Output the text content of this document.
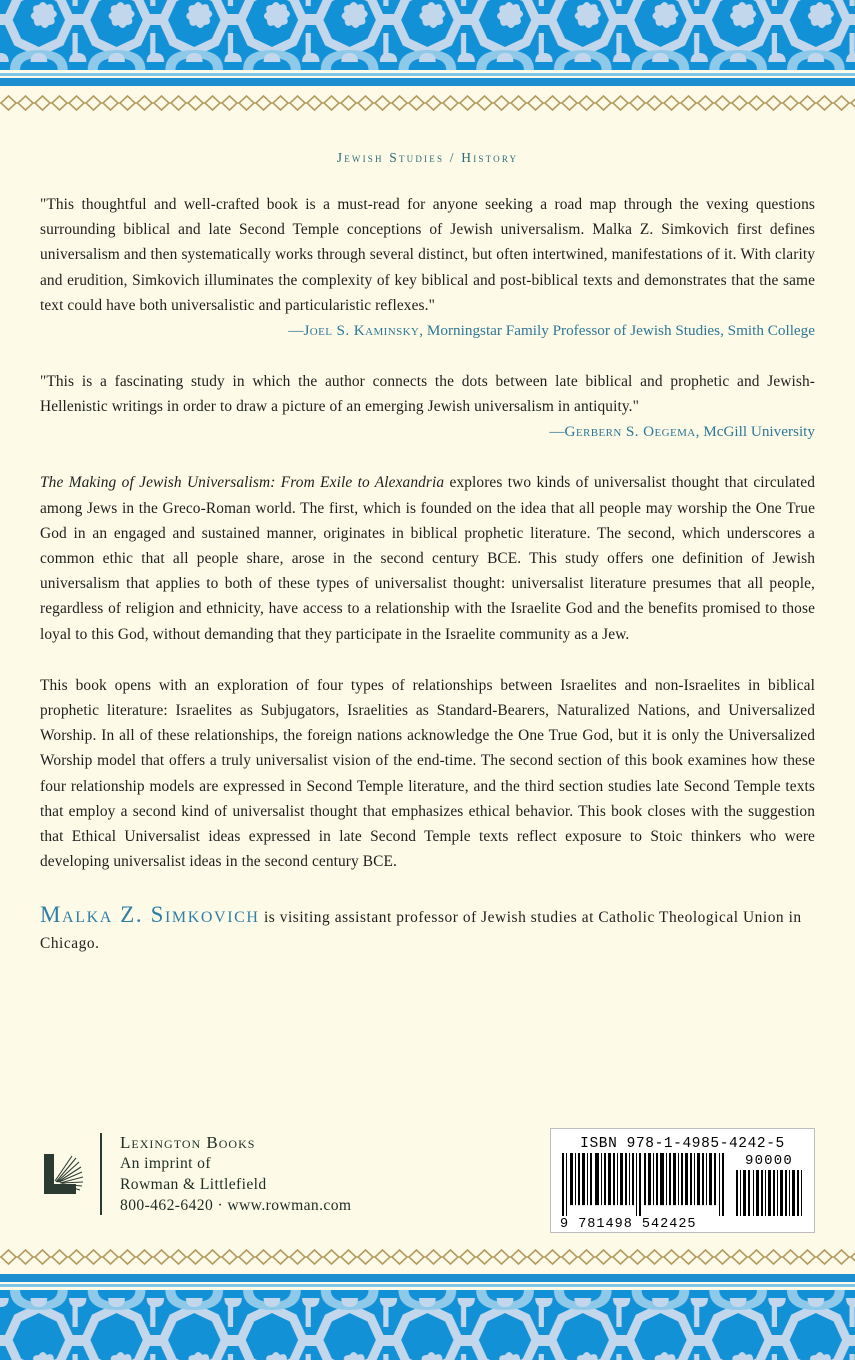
Jewish Studies / History

"This thoughtful and well-crafted book is a must-read for anyone seeking a road map through the vexing questions surrounding biblical and late Second Temple conceptions of Jewish universalism. Malka Z. Simkovich first defines universalism and then systematically works through several distinct, but often intertwined, manifestations of it. With clarity and erudition, Simkovich illuminates the complexity of key biblical and post-biblical texts and demonstrates that the same text could have both universalistic and particularistic reflexes."

—Joel S. Kaminsky, Morningstar Family Professor of Jewish Studies, Smith College

"This is a fascinating study in which the author connects the dots between late biblical and prophetic and Jewish-Hellenistic writings in order to draw a picture of an emerging Jewish universalism in antiquity."

—Gerbern S. Oegema, McGill University

The Making of Jewish Universalism: From Exile to Alexandria explores two kinds of universalist thought that circulated among Jews in the Greco-Roman world. The first, which is founded on the idea that all people may worship the One True God in an engaged and sustained manner, originates in biblical prophetic literature. The second, which underscores a common ethic that all people share, arose in the second century BCE. This study offers one definition of Jewish universalism that applies to both of these types of universalist thought: universalist literature presumes that all people, regardless of religion and ethnicity, have access to a relationship with the Israelite God and the benefits promised to those loyal to this God, without demanding that they participate in the Israelite community as a Jew.

This book opens with an exploration of four types of relationships between Israelites and non-Israelites in biblical prophetic literature: Israelites as Subjugators, Israelities as Standard-Bearers, Naturalized Nations, and Universalized Worship. In all of these relationships, the foreign nations acknowledge the One True God, but it is only the Universalized Worship model that offers a truly universalist vision of the end-time. The second section of this book examines how these four relationship models are expressed in Second Temple literature, and the third section studies late Second Temple texts that employ a second kind of universalist thought that emphasizes ethical behavior. This book closes with the suggestion that Ethical Universalist ideas expressed in late Second Temple texts reflect exposure to Stoic thinkers who were developing universalist ideas in the second century BCE.

Malka Z. Simkovich is visiting assistant professor of Jewish studies at Catholic Theological Union in Chicago.

Lexington Books
An imprint of
Rowman & Littlefield
800-462-6420 · www.rowman.com
ISBN 978-1-4985-4242-5
90000
9 781498 542425
